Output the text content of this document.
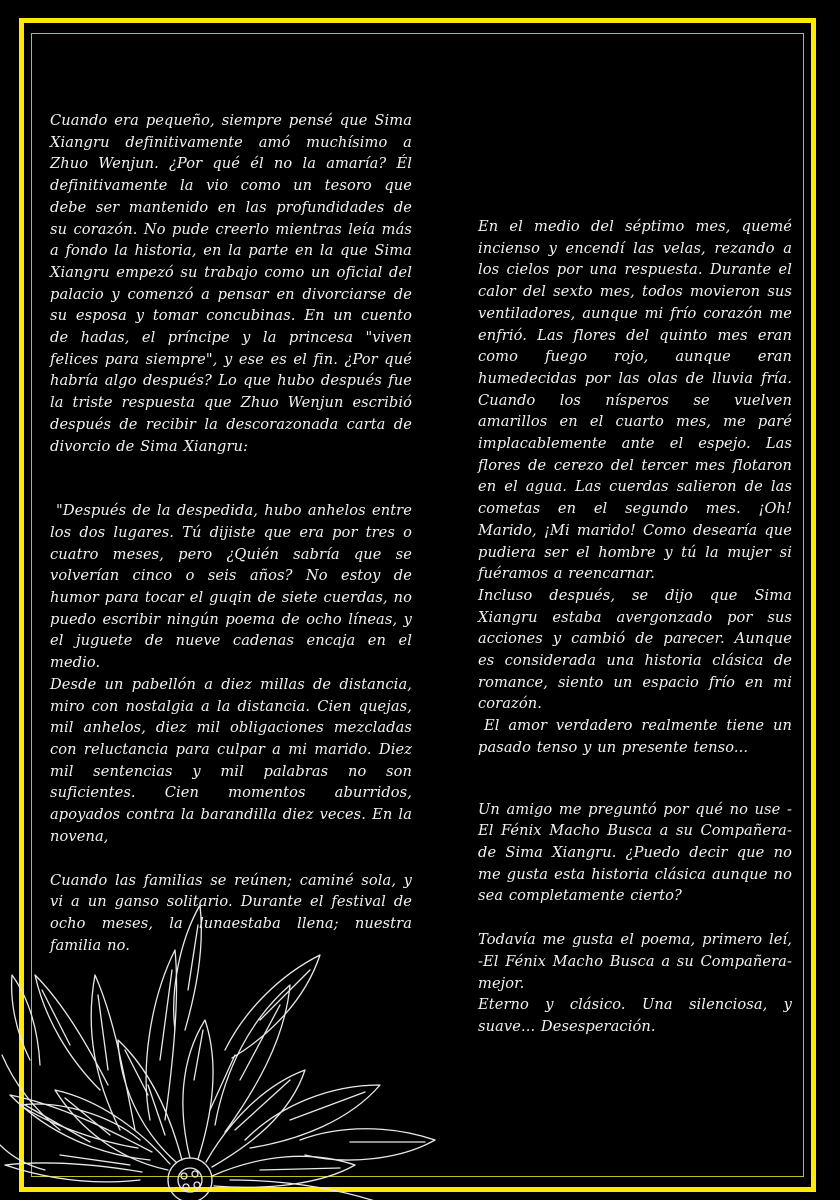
Cuando era pequeño, siempre pensé que Sima Xiangru definitivamente amó muchísimo a Zhuo Wenjun. ¿Por qué él no la amaría? Él definitivamente la vio como un tesoro que debe ser mantenido en las profundidades de su corazón. No pude creerlo mientras leía más a fondo la historia, en la parte en la que Sima Xiangru empezó su trabajo como un oficial del palacio y comenzó a pensar en divorciarse de su esposa y tomar concubinas. En un cuento de hadas, el príncipe y la princesa "viven felices para siempre", y ese es el fin. ¿Por qué habría algo después? Lo que hubo después fue la triste respuesta que Zhuo Wenjun escribió después de recibir la descorazonada carta de divorcio de Sima Xiangru:

"Después de la despedida, hubo anhelos entre los dos lugares. Tú dijiste que era por tres o cuatro meses, pero ¿Quién sabría que se volverían cinco o seis años? No estoy de humor para tocar el guqin de siete cuerdas, no puedo escribir ningún poema de ocho líneas, y el juguete de nueve cadenas encaja en el medio.

Desde un pabellón a diez millas de distancia, miro con nostalgia a la distancia. Cien quejas, mil anhelos, diez mil obligaciones mezcladas con reluctancia para culpar a mi marido. Diez mil sentencias y mil palabras no son suficientes. Cien momentos aburridos, apoyados contra la barandilla diez veces. En la novena,

Cuando las familias se reúnen; caminé sola, y vi a un ganso solitario. Durante el festival de ocho meses, la lunaestaba llena; nuestra familia no.

En el medio del séptimo mes, quemé incienso y encendí las velas, rezando a los cielos por una respuesta. Durante el calor del sexto mes, todos movieron sus ventiladores, aunque mi frío corazón me enfrió. Las flores del quinto mes eran como fuego rojo, aunque eran humedecidas por las olas de lluvia fría. Cuando los nísperos se vuelven amarillos en el cuarto mes, me paré implacablemente ante el espejo. Las flores de cerezo del tercer mes flotaron en el agua. Las cuerdas salieron de las cometas en el segundo mes. ¡Oh! Marido, ¡Mi marido! Como desearía que pudiera ser el hombre y tú la mujer si fuéramos a reencarnar.

Incluso después, se dijo que Sima Xiangru estaba avergonzado por sus acciones y cambió de parecer. Aunque es considerada una historia clásica de romance, siento un espacio frío en mi corazón.

El amor verdadero realmente tiene un pasado tenso y un presente tenso...

Un amigo me preguntó por qué no use -El Fénix Macho Busca a su Compañera- de Sima Xiangru. ¿Puedo decir que no me gusta esta historia clásica aunque no sea completamente cierto?

Todavía me gusta el poema, primero leí, -El Fénix Macho Busca a su Compañera- mejor.

Eterno y clásico. Una silenciosa, y suave... Desesperación.
